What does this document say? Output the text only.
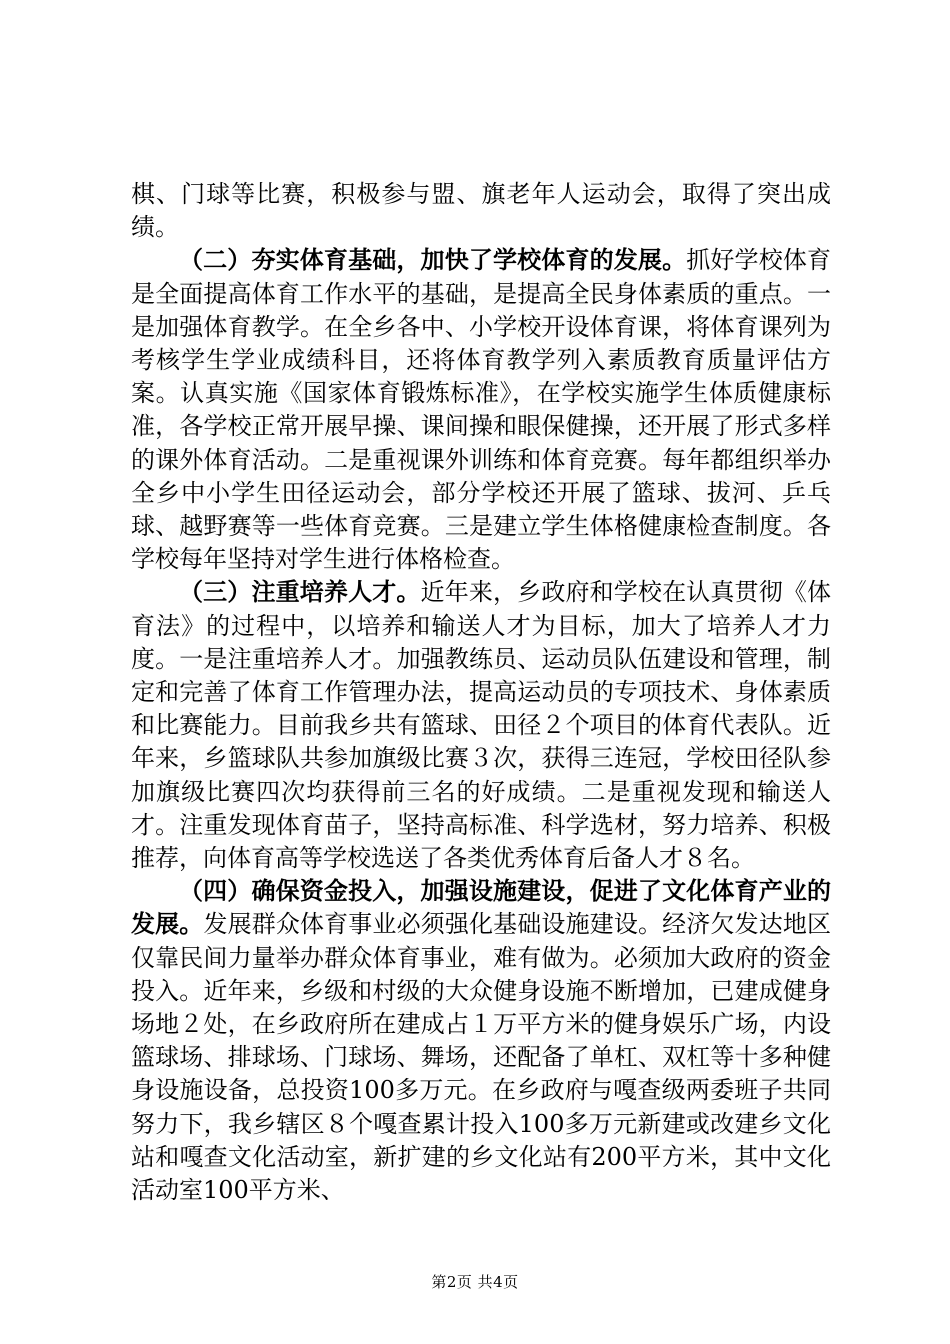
棋、门球等比赛，积极参与盟、旗老年人运动会，取得了突出成绩。

（二）夯实体育基础，加快了学校体育的发展。抓好学校体育是全面提高体育工作水平的基础，是提高全民身体素质的重点。一是加强体育教学。在全乡各中、小学校开设体育课，将体育课列为考核学生学业成绩科目，还将体育教学列入素质教育质量评估方案。认真实施《国家体育锻炼标准》，在学校实施学生体质健康标准，各学校正常开展早操、课间操和眼保健操，还开展了形式多样的课外体育活动。二是重视课外训练和体育竞赛。每年都组织举办全乡中小学生田径运动会，部分学校还开展了篮球、拔河、乒乓球、越野赛等一些体育竞赛。三是建立学生体格健康检查制度。各学校每年坚持对学生进行体格检查。

（三）注重培养人才。近年来，乡政府和学校在认真贯彻《体育法》的过程中，以培养和输送人才为目标，加大了培养人才力度。一是注重培养人才。加强教练员、运动员队伍建设和管理，制定和完善了体育工作管理办法，提高运动员的专项技术、身体素质和比赛能力。目前我乡共有篮球、田径２个项目的体育代表队。近年来，乡篮球队共参加旗级比赛３次，获得三连冠，学校田径队参加旗级比赛四次均获得前三名的好成绩。二是重视发现和输送人才。注重发现体育苗子，坚持高标准、科学选材，努力培养、积极推荐，向体育高等学校选送了各类优秀体育后备人才８名。

（四）确保资金投入，加强设施建设，促进了文化体育产业的发展。发展群众体育事业必须强化基础设施建设。经济欠发达地区仅靠民间力量举办群众体育事业，难有做为。必须加大政府的资金投入。近年来，乡级和村级的大众健身设施不断增加，已建成健身场地２处，在乡政府所在建成占１万平方米的健身娱乐广场，内设篮球场、排球场、门球场、舞场，还配备了单杠、双杠等十多种健身设施设备，总投资100多万元。在乡政府与嘎查级两委班子共同努力下，我乡辖区８个嘎查累计投入100多万元新建或改建乡文化站和嘎查文化活动室，新扩建的乡文化站有200平方米，其中文化活动室100平方米、

第2页 共4页
